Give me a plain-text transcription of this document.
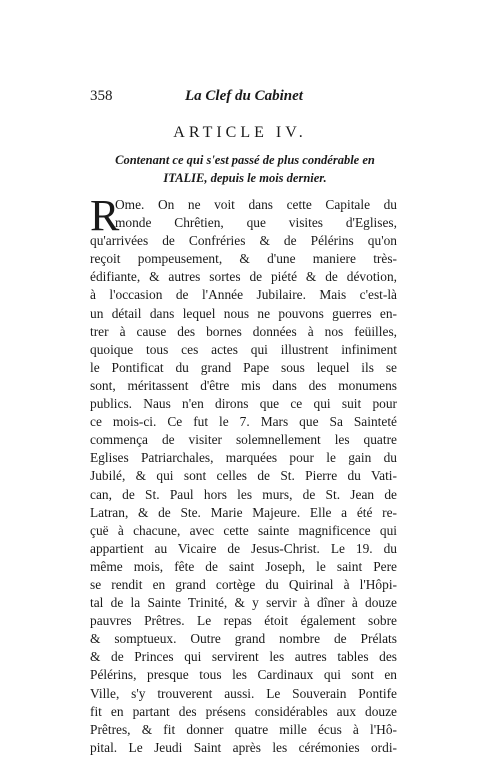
358	La Clef du Cabinet
ARTICLE IV.
Contenant ce qui s'est passé de plus condérable en
ITALIE, depuis le mois dernier.
R
Ome. On ne voit dans cette Capitale du
monde Chrêtien, que visites d'Eglises,
qu'arrivées de Confréries & de Pélérins qu'on
reçoit pompeusement, & d'une maniere très-
édifiante, & autres sortes de piété & de dévotion,
à l'occasion de l'Année Jubilaire. Mais c'est-là
un détail dans lequel nous ne pouvons guerres en-
trer à cause des bornes données à nos feüilles,
quoique tous ces actes qui illustrent infiniment
le Pontificat du grand Pape sous lequel ils se
sont, méritassent d'être mis dans des monumens
publics. Naus n'en dirons que ce qui suit pour
ce mois-ci. Ce fut le 7. Mars que Sa Sainteté
commença de visiter solemnellement les quatre
Eglises Patriarchales, marquées pour le gain du
Jubilé, & qui sont celles de St. Pierre du Vati-
can, de St. Paul hors les murs, de St. Jean de
Latran, & de Ste. Marie Majeure. Elle a été re-
çuë à chacune, avec cette sainte magnificence qui
appartient au Vicaire de Jesus-Christ. Le 19. du
même mois, fête de saint Joseph, le saint Pere
se rendit en grand cortège du Quirinal à l'Hôpi-
tal de la Sainte Trinité, & y servir à dîner à douze
pauvres Prêtres. Le repas étoit également sobre
& somptueux. Outre grand nombre de Prélats
& de Princes qui servirent les autres tables des
Pélérins, presque tous les Cardinaux qui sont en
Ville, s'y trouverent aussi. Le Souverain Pontife
fit en partant des présens considérables aux douze
Prêtres, & fit donner quatre mille écus à l'Hô-
pital. Le Jeudi Saint après les cérémonies ordi-
